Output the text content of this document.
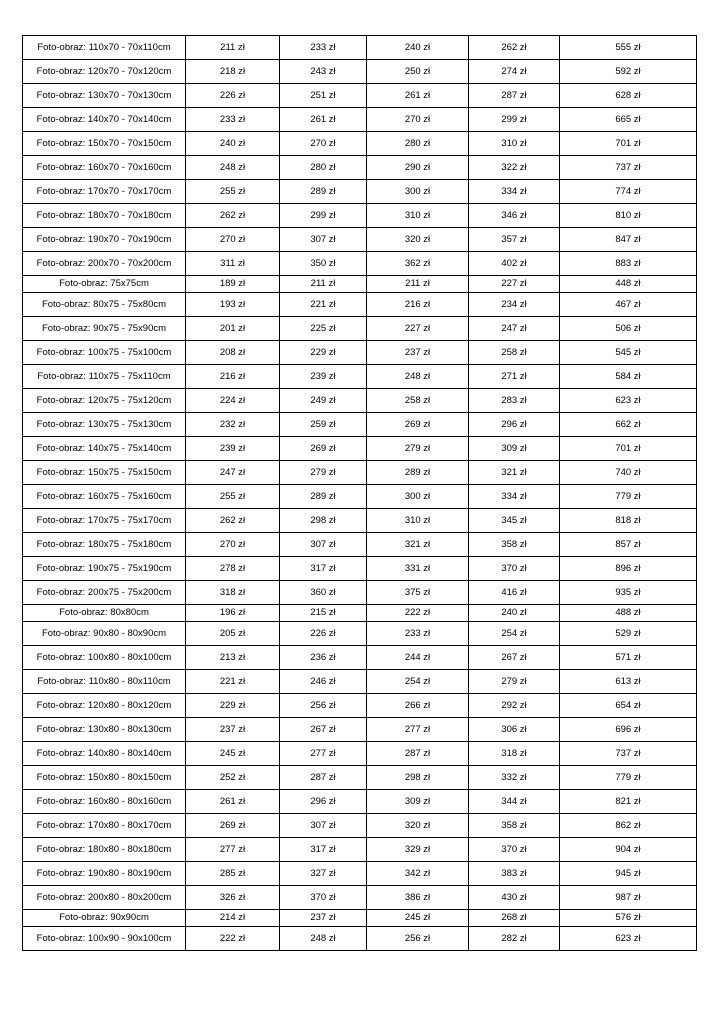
Foto-obraz: 110x70 - 70x110cm	211 zł	233 zł	240 zł	262 zł	555 zł
Foto-obraz: 120x70 - 70x120cm	218 zł	243 zł	250 zł	274 zł	592 zł
Foto-obraz: 130x70 - 70x130cm	226 zł	251 zł	261 zł	287 zł	628 zł
Foto-obraz: 140x70 - 70x140cm	233 zł	261 zł	270 zł	299 zł	665 zł
Foto-obraz: 150x70 - 70x150cm	240 zł	270 zł	280 zł	310 zł	701 zł
Foto-obraz: 160x70 - 70x160cm	248 zł	280 zł	290 zł	322 zł	737 zł
Foto-obraz: 170x70 - 70x170cm	255 zł	289 zł	300 zł	334 zł	774 zł
Foto-obraz: 180x70 - 70x180cm	262 zł	299 zł	310 zł	346 zł	810 zł
Foto-obraz: 190x70 - 70x190cm	270 zł	307 zł	320 zł	357 zł	847 zł
Foto-obraz: 200x70 - 70x200cm	311 zł	350 zł	362 zł	402 zł	883 zł
Foto-obraz: 75x75cm	189 zł	211 zł	211 zł	227 zł	448 zł
Foto-obraz: 80x75 - 75x80cm	193 zł	221 zł	216 zł	234 zł	467 zł
Foto-obraz: 90x75 - 75x90cm	201 zł	225 zł	227 zł	247 zł	506 zł
Foto-obraz: 100x75 - 75x100cm	208 zł	229 zł	237 zł	258 zł	545 zł
Foto-obraz: 110x75 - 75x110cm	216 zł	239 zł	248 zł	271 zł	584 zł
Foto-obraz: 120x75 - 75x120cm	224 zł	249 zł	258 zł	283 zł	623 zł
Foto-obraz: 130x75 - 75x130cm	232 zł	259 zł	269 zł	296 zł	662 zł
Foto-obraz: 140x75 - 75x140cm	239 zł	269 zł	279 zł	309 zł	701 zł
Foto-obraz: 150x75 - 75x150cm	247 zł	279 zł	289 zł	321 zł	740 zł
Foto-obraz: 160x75 - 75x160cm	255 zł	289 zł	300 zł	334 zł	779 zł
Foto-obraz: 170x75 - 75x170cm	262 zł	298 zł	310 zł	345 zł	818 zł
Foto-obraz: 180x75 - 75x180cm	270 zł	307 zł	321 zł	358 zł	857 zł
Foto-obraz: 190x75 - 75x190cm	278 zł	317 zł	331 zł	370 zł	896 zł
Foto-obraz: 200x75 - 75x200cm	318 zł	360 zł	375 zł	416 zł	935 zł
Foto-obraz: 80x80cm	196 zł	215 zł	222 zł	240 zł	488 zł
Foto-obraz: 90x80 - 80x90cm	205 zł	226 zł	233 zł	254 zł	529 zł
Foto-obraz: 100x80 - 80x100cm	213 zł	236 zł	244 zł	267 zł	571 zł
Foto-obraz: 110x80 - 80x110cm	221 zł	246 zł	254 zł	279 zł	613 zł
Foto-obraz: 120x80 - 80x120cm	229 zł	256 zł	266 zł	292 zł	654 zł
Foto-obraz: 130x80 - 80x130cm	237 zł	267 zł	277 zł	306 zł	696 zł
Foto-obraz: 140x80 - 80x140cm	245 zł	277 zł	287 zł	318 zł	737 zł
Foto-obraz: 150x80 - 80x150cm	252 zł	287 zł	298 zł	332 zł	779 zł
Foto-obraz: 160x80 - 80x160cm	261 zł	296 zł	309 zł	344 zł	821 zł
Foto-obraz: 170x80 - 80x170cm	269 zł	307 zł	320 zł	358 zł	862 zł
Foto-obraz: 180x80 - 80x180cm	277 zł	317 zł	329 zł	370 zł	904 zł
Foto-obraz: 190x80 - 80x190cm	285 zł	327 zł	342 zł	383 zł	945 zł
Foto-obraz: 200x80 - 80x200cm	326 zł	370 zł	386 zł	430 zł	987 zł
Foto-obraz: 90x90cm	214 zł	237 zł	245 zł	268 zł	576 zł
Foto-obraz: 100x90 - 90x100cm	222 zł	248 zł	256 zł	282 zł	623 zł
